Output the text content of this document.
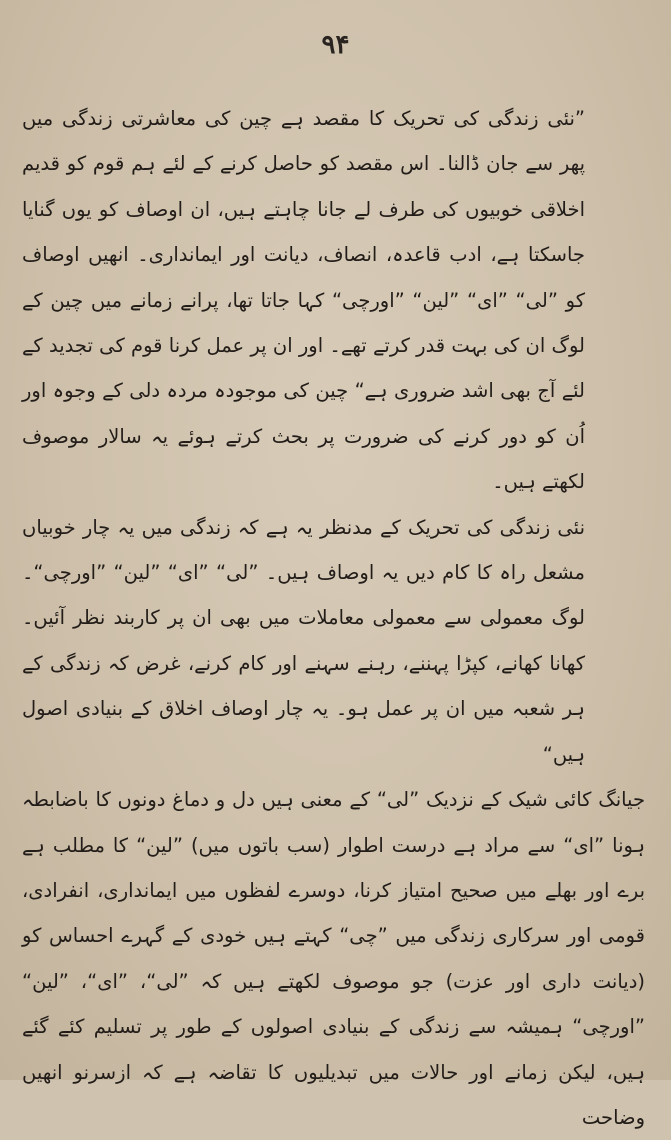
۹۴

”نئی زندگی کی تحریک کا مقصد ہے چین کی معاشرتی زندگی میں پھر سے جان ڈالنا۔ اس مقصد کو حاصل کرنے کے لئے ہم قوم کو قدیم اخلاقی خوبیوں کی طرف لے جانا چاہتے ہیں، ان اوصاف کو یوں گنایا جاسکتا ہے، ادب قاعدہ، انصاف، دیانت اور ایمانداری۔ انھیں اوصاف کو ”لی“ ”ای“ ”لین“ ”اورچی“ کہا جاتا تھا، پرانے زمانے میں چین کے لوگ ان کی بہت قدر کرتے تھے۔ اور ان پر عمل کرنا قوم کی تجدید کے لئے آج بھی اشد ضروری ہے“ چین کی موجودہ مردہ دلی کے وجوہ اور اُن کو دور کرنے کی ضرورت پر بحث کرتے ہوئے یہ سالار موصوف لکھتے ہیں۔

نئی زندگی کی تحریک کے مدنظر یہ ہے کہ زندگی میں یہ چار خوبیاں مشعل راہ کا کام دیں یہ اوصاف ہیں۔ ”لی“ ”ای“ ”لین“ ”اورچی“۔ لوگ معمولی سے معمولی معاملات میں بھی ان پر کاربند نظر آئیں۔ کھانا کھانے، کپڑا پہننے، رہنے سہنے اور کام کرنے، غرض کہ زندگی کے ہر شعبہ میں ان پر عمل ہو۔ یہ چار اوصاف اخلاق کے بنیادی اصول ہیں“

جیانگ کائی شیک کے نزدیک ”لی“ کے معنی ہیں دل و دماغ دونوں کا باضابطہ ہونا ”ای“ سے مراد ہے درست اطوار (سب باتوں میں) ”لین“ کا مطلب ہے برے اور بھلے میں صحیح امتیاز کرنا، دوسرے لفظوں میں ایمانداری، انفرادی، قومی اور سرکاری زندگی میں ”چی“ کہتے ہیں خودی کے گہرے احساس کو (دیانت داری اور عزت) جو موصوف لکھتے ہیں کہ ”لی“، ”ای“، ”لین“ ”اورچی“ ہمیشہ سے زندگی کے بنیادی اصولوں کے طور پر تسلیم کئے گئے ہیں، لیکن زمانے اور حالات میں تبدیلیوں کا تقاضہ ہے کہ ازسرنو انھیں وضاحت
